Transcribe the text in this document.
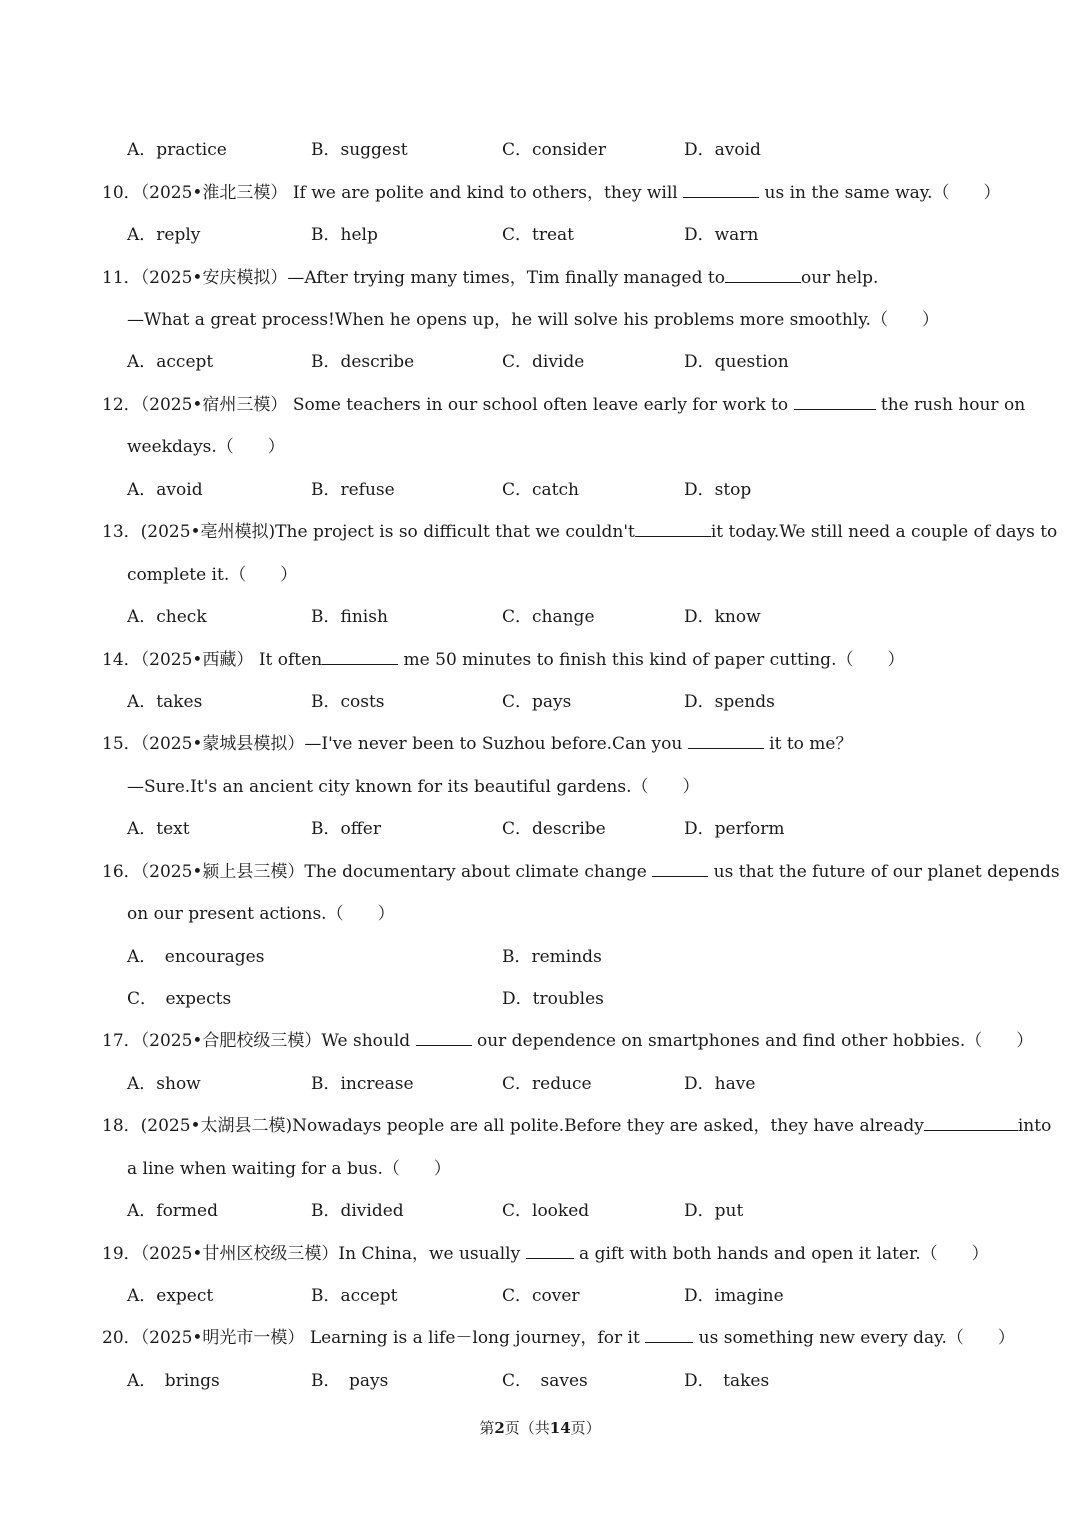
A．practice	B．suggest	C．consider	D．avoid
10．（2025•淮北三模） If we are polite and kind to others，they will	us in the same way.（　　）
A．reply	B．help	C．treat	D．warn
11．（2025•安庆模拟）—After trying many times，Tim finally managed to	our help.
—What a great process!When he opens up，he will solve his problems more smoothly.（　　）
A．accept	B．describe	C．divide	D．question
12．（2025•宿州三模） Some teachers in our school often leave early for work to	the rush hour on
weekdays.（　　）
A．avoid	B．refuse	C．catch	D．stop
13．(2025•亳州模拟)The project is so difficult that we couldn't	it today.We still need a couple of days to
complete it.（　　）
A．check	B．finish	C．change	D．know
14．（2025•西藏） It often	me 50 minutes to finish this kind of paper cutting.（　　）
A．takes	B．costs	C．pays	D．spends
15．（2025•蒙城县模拟）—I've never been to Suzhou before.Can you	it to me？
—Sure.It's an ancient city known for its beautiful gardens.（　　）
A．text	B．offer	C．describe	D．perform
16．（2025•颍上县三模）The documentary about climate change	us that the future of our planet depends
on our present actions.（　　）
A．　encourages	B．reminds
C．　expects	D．troubles
17．（2025•合肥校级三模）We should	our dependence on smartphones and find other hobbies.（　　）
A．show	B．increase	C．reduce	D．have
18．(2025•太湖县二模)Nowadays people are all polite.Before they are asked，they have already	into
a line when waiting for a bus.（　　）
A．formed	B．divided	C．looked	D．put
19．（2025•甘州区校级三模）In China，we usually	a gift with both hands and open it later.（　　）
A．expect	B．accept	C．cover	D．imagine
20．（2025•明光市一模） Learning is a life－long journey，for it	us something new every day.（　　）
A．　brings	B．　pays	C．　saves	D．　takes
第2页（共14页）
